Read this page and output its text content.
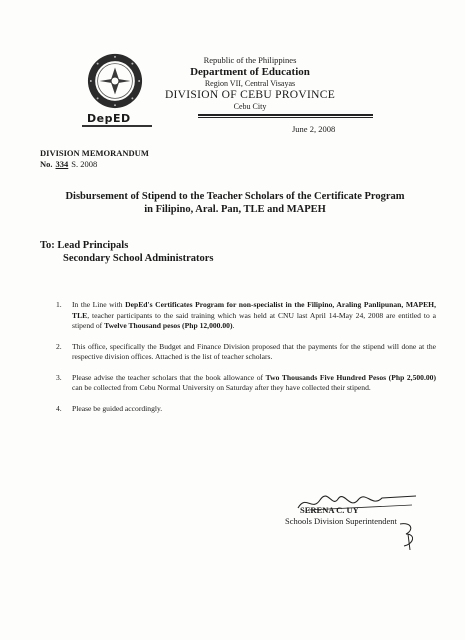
DepED
Republic of the Philippines
Department of Education
Region VII, Central Visayas
DIVISION OF CEBU PROVINCE
Cebu City
June 2, 2008
DIVISION MEMORANDUM
No. 334 S. 2008
Disbursement of Stipend to the Teacher Scholars of the Certificate Program
in Filipino, Aral. Pan, TLE and MAPEH
To: Lead Principals
Secondary School Administrators
1.	In the Line with DepEd's Certificates Program for non-specialist in the Filipino, Araling Panlipunan, MAPEH, TLE, teacher participants to the said training which was held at CNU last April 14-May 24, 2008 are entitled to a stipend of Twelve Thousand pesos (Php 12,000.00).
2.	This office, specifically the Budget and Finance Division proposed that the payments for the stipend will done at the respective division offices. Attached is the list of teacher scholars.
3.	Please advise the teacher scholars that the book allowance of Two Thousands Five Hundred Pesos (Php 2,500.00) can be collected from Cebu Normal University on Saturday after they have collected their stipend.
4.	Please be guided accordingly.
SERENA C. UY
Schools Division Superintendent
